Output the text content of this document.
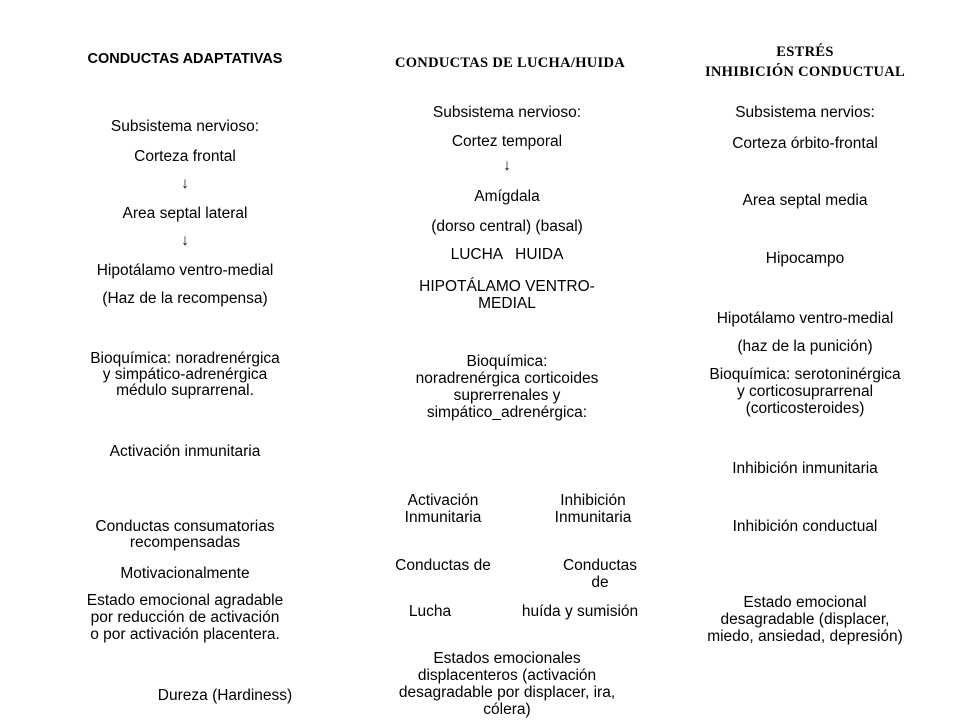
CONDUCTAS ADAPTATIVAS
Subsistema nervioso:
Corteza frontal
↓
Area septal lateral
↓
Hipotálamo ventro-medial
(Haz de la recompensa)
Bioquímica: noradrenérgica
y simpático-adrenérgica
médulo suprarrenal.
Activación inmunitaria
Conductas consumatorias
recompensadas
Motivacionalmente
Estado emocional agradable
por reducción de activación
o por activación placentera.
Dureza (Hardiness)
CONDUCTAS DE LUCHA/HUIDA
Subsistema nervioso:
Cortez temporal
↓
Amígdala
(dorso central) (basal)
LUCHA   HUIDA
HIPOTÁLAMO VENTRO-
MEDIAL
Bioquímica:
noradrenérgica corticoides
suprerrenales y
simpático_adrenérgica:
Activación
Inmunitaria
Inhibición
Inmunitaria
Conductas de	Conductas
de
Lucha	huída y sumisión
Estados emocionales
displacenteros (activación
desagradable por displacer, ira,
cólera)
ESTRÉS
INHIBICIÓN CONDUCTUAL
Subsistema nervios:
Corteza órbito-frontal
Area septal media
Hipocampo
Hipotálamo ventro-medial
(haz de la punición)
Bioquímica: serotoninérgica
y corticosuprarrenal
(corticosteroides)
Inhibición inmunitaria
Inhibición conductual
Estado emocional
desagradable (displacer,
miedo, ansiedad, depresión)
